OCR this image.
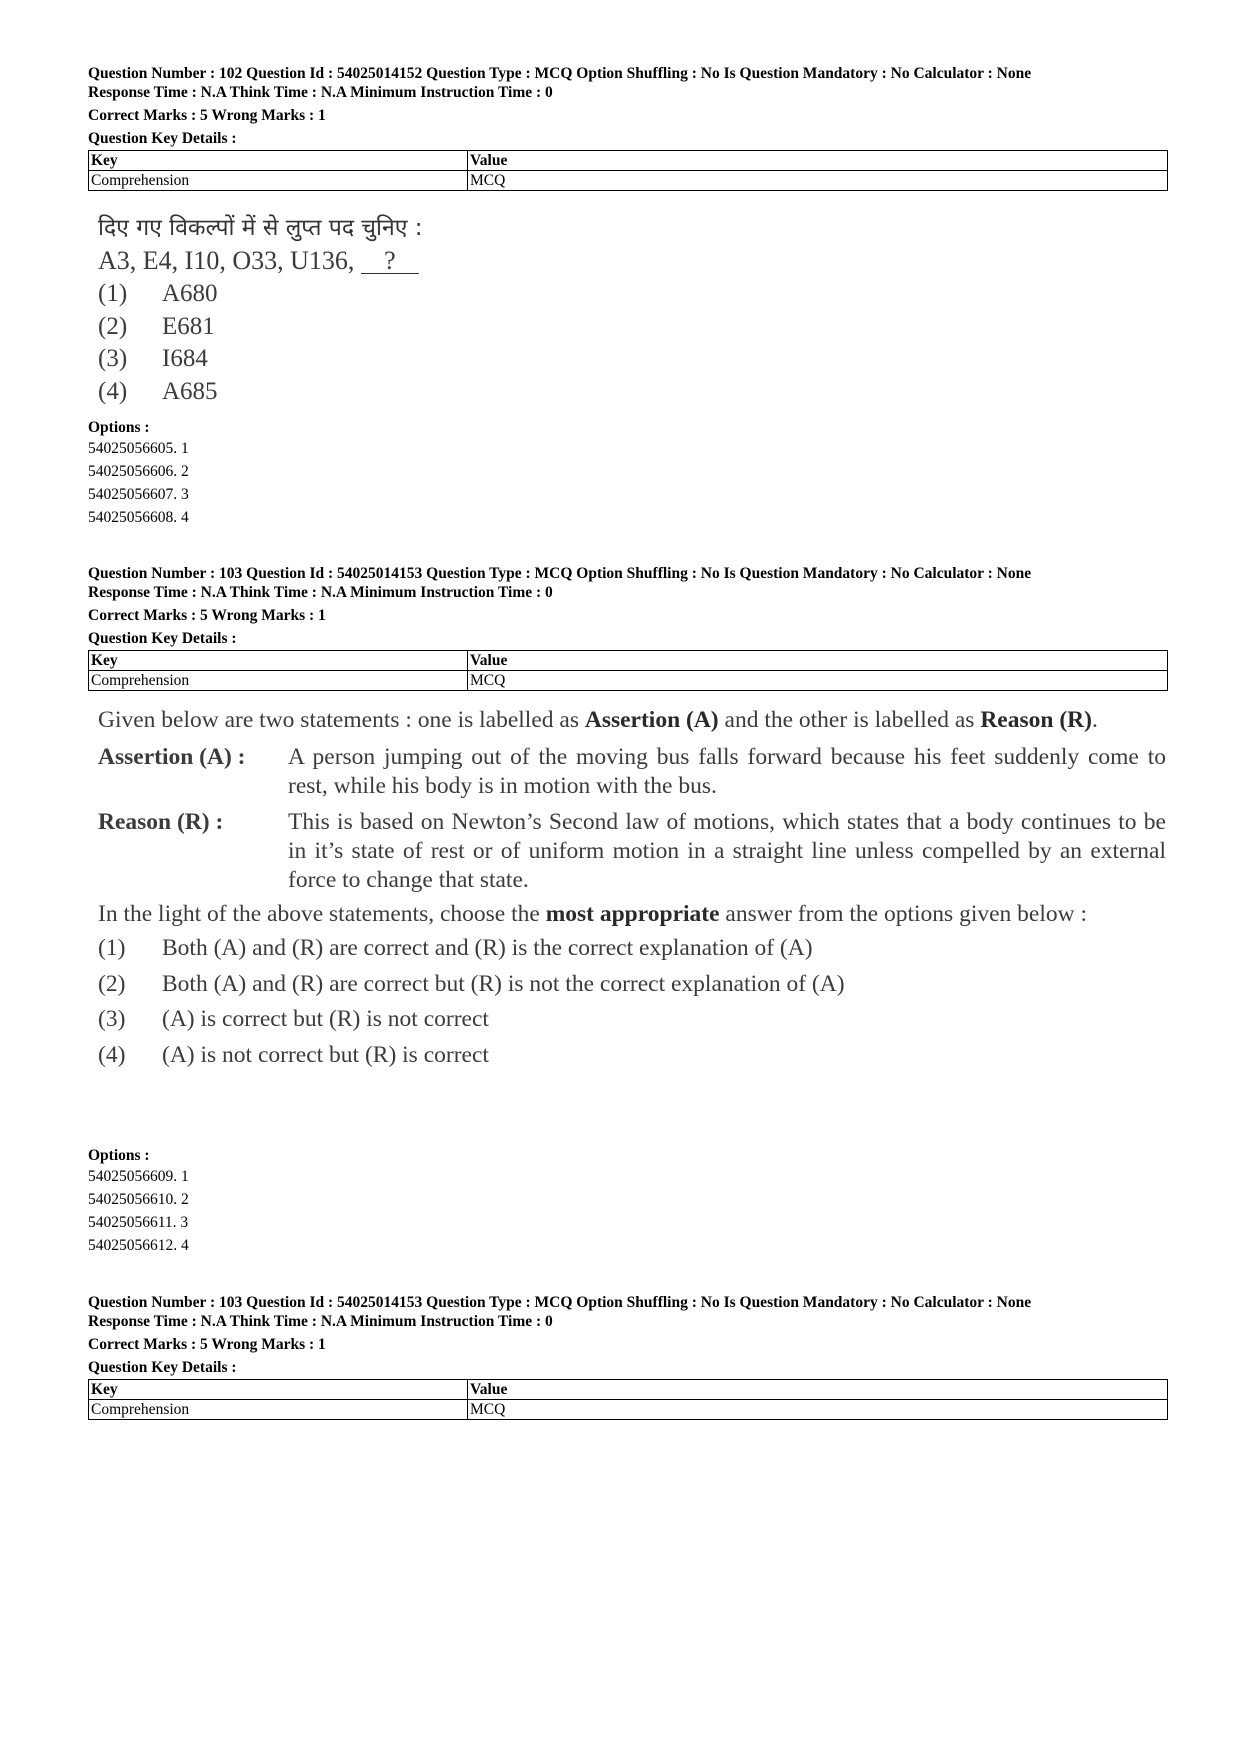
Question Number : 102 Question Id : 54025014152 Question Type : MCQ Option Shuffling : No Is Question Mandatory : No Calculator : None

Response Time : N.A Think Time : N.A Minimum Instruction Time : 0

Correct Marks : 5 Wrong Marks : 1

Question Key Details :

Key	Value
Comprehension	MCQ
दिए गए विकल्पों में से लुप्त पद चुनिए :
A3, E4, I10, O33, U136, ?
(1)	A680
(2)	E681
(3)	I684
(4)	A685
Options :
54025056605. 1
54025056606. 2
54025056607. 3
54025056608. 4

Question Number : 103 Question Id : 54025014153 Question Type : MCQ Option Shuffling : No Is Question Mandatory : No Calculator : None

Response Time : N.A Think Time : N.A Minimum Instruction Time : 0

Correct Marks : 5 Wrong Marks : 1

Question Key Details :

Key	Value
Comprehension	MCQ
Given below are two statements : one is labelled as Assertion (A) and the other is labelled as Reason (R).
Assertion (A) :	A person jumping out of the moving bus falls forward because his feet suddenly come to rest, while his body is in motion with the bus.
Reason (R) :	This is based on Newton’s Second law of motions, which states that a body continues to be in it’s state of rest or of uniform motion in a straight line unless compelled by an external force to change that state.
In the light of the above statements, choose the most appropriate answer from the options given below :
(1)	Both (A) and (R) are correct and (R) is the correct explanation of (A)
(2)	Both (A) and (R) are correct but (R) is not the correct explanation of (A)
(3)	(A) is correct but (R) is not correct
(4)	(A) is not correct but (R) is correct
Options :
54025056609. 1
54025056610. 2
54025056611. 3
54025056612. 4

Question Number : 103 Question Id : 54025014153 Question Type : MCQ Option Shuffling : No Is Question Mandatory : No Calculator : None

Response Time : N.A Think Time : N.A Minimum Instruction Time : 0

Correct Marks : 5 Wrong Marks : 1

Question Key Details :

Key	Value
Comprehension	MCQ
